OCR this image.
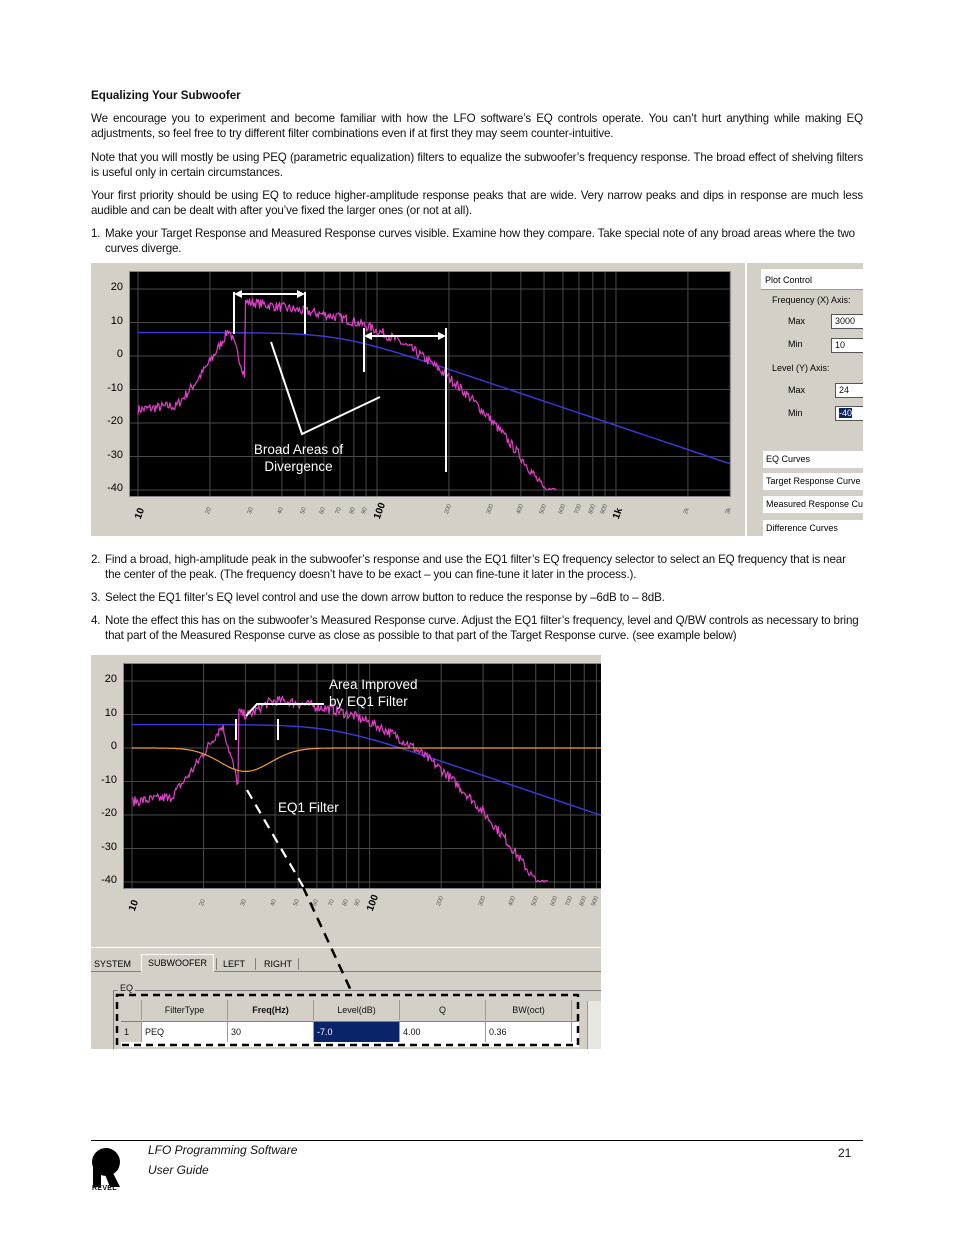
Equalizing Your Subwoofer

We encourage you to experiment and become familiar with how the LFO software’s EQ controls operate. You can’t hurt anything while making EQ adjustments, so feel free to try different filter combinations even if at first they may seem counter-intuitive.

Note that you will mostly be using PEQ (parametric equalization) filters to equalize the subwoofer’s frequency response. The broad effect of shelving filters is useful only in certain circumstances.

Your first priority should be using EQ to reduce higher-amplitude response peaks that are wide. Very narrow peaks and dips in response are much less audible and can be dealt with after you’ve fixed the larger ones (or not at all).

1. Make your Target Response and Measured Response curves visible. Examine how they compare. Take special note of any broad areas where the two curves diverge.
20
10
0
-10
-20
-30
-40
10	20	30	40	50 60 70 80 90 100	200	300	400 500 600 700 800 900 1k	2k	3k
Broad Areas of
Divergence
Plot Control
Frequency (X) Axis:
Max	3000
Min	10
Level (Y) Axis:
Max	24
Min	-40
EQ Curves
Target Response Curve
Measured Response Cu
Difference Curves
2. Find a broad, high-amplitude peak in the subwoofer’s response and use the EQ1 filter’s EQ frequency selector to select an EQ frequency that is near the center of the peak. (The frequency doesn’t have to be exact – you can fine-tune it later in the process.).
3. Select the EQ1 filter’s EQ level control and use the down arrow button to reduce the response by –6dB to – 8dB.
4. Note the effect this has on the subwoofer’s Measured Response curve. Adjust the EQ1 filter’s frequency, level and Q/BW controls as necessary to bring that part of the Measured Response curve as close as possible to that part of the Target Response curve. (see example below)
20
10
0
-10
-20
-30
-40
10	20	30	40	50 60 70 80 90 100	200	300	400 500 600 700 800 900
Area Improved
by EQ1 Filter
EQ1 Filter
SYSTEM	SUBWOOFER	LEFT RIGHT
EQ
FilterType	Freq(Hz)	Level(dB)	Q	BW(oct)
1	PEQ	30	-7.0	4.00	0.36
REVEL
LFO Programming Software
User Guide
21
